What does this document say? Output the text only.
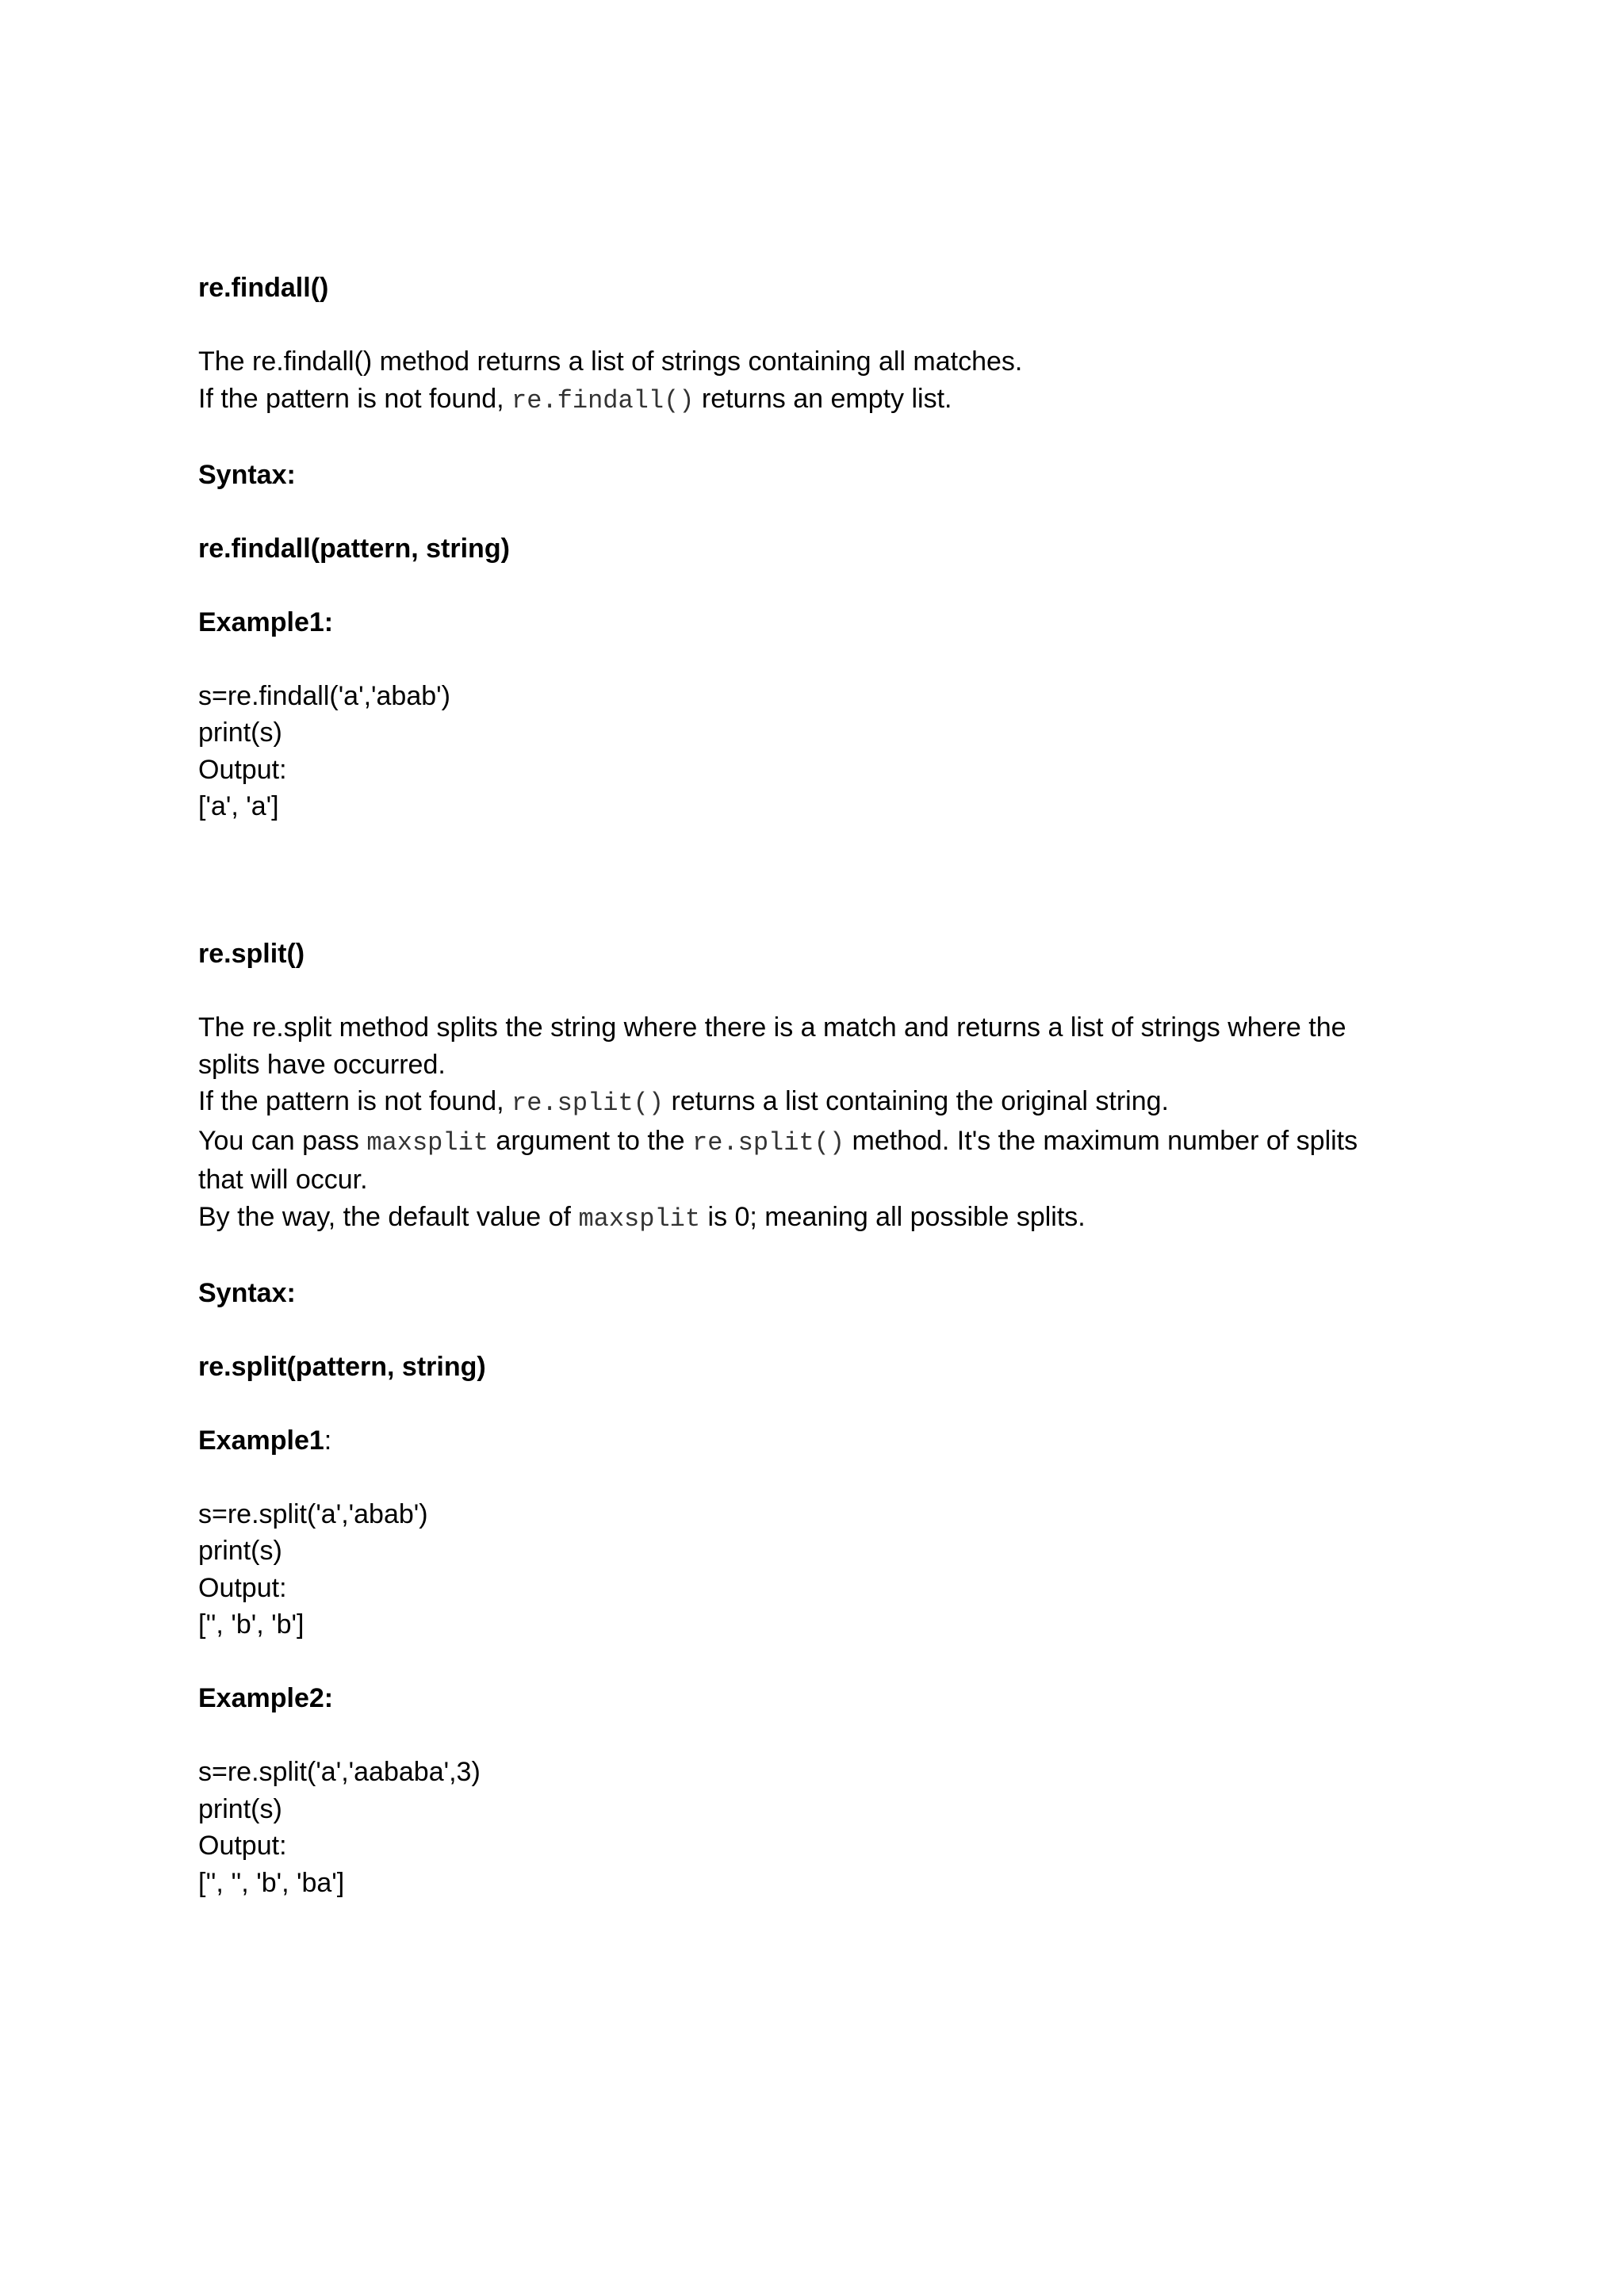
re.findall()
The re.findall() method returns a list of strings containing all matches.
If the pattern is not found, re.findall() returns an empty list.
Syntax:
re.findall(pattern, string)
Example1:
s=re.findall('a','abab')
print(s)
Output:
['a', 'a']
re.split()
The re.split method splits the string where there is a match and returns a list of strings where the
splits have occurred.
If the pattern is not found, re.split() returns a list containing the original string.
You can pass maxsplit argument to the re.split() method. It's the maximum number of splits
that will occur.
By the way, the default value of maxsplit is 0; meaning all possible splits.
Syntax:
re.split(pattern, string)
Example1:
s=re.split('a','abab')
print(s)
Output:
['', 'b', 'b']
Example2:
s=re.split('a','aababa',3)
print(s)
Output:
['', '', 'b', 'ba']
